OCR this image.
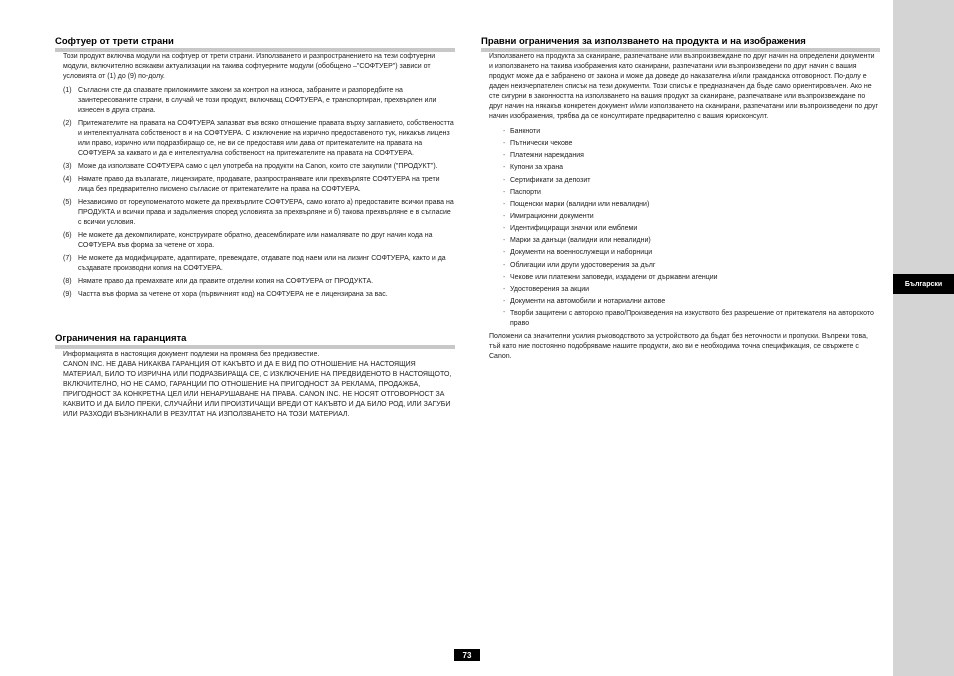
Български
Софтуер от трети страни

Този продукт включва модули на софтуер от трети страни. Използването и разпространението на тези софтуерни модули, включително всякакви актуализации на такива софтуерните модули (обобщено –"СОФТУЕР") зависи от условията от (1) до (9) по-долу.

(1) Съгласни сте да спазвате приложимите закони за контрол на износа, забраните и разпоредбите на заинтересованите страни, в случай че този продукт, включващ СОФТУЕРА, е транспортиран, прехвърлен или изнесен в друга страна.
(2) Притежателите на правата на СОФТУЕРА запазват във всяко отношение правата върху заглавието, собствеността и интелектуалната собственост в и на СОФТУЕРА. С изключение на изрично предоставеното тук, никакъв лиценз или право, изрично или подразбиращо се, не ви се предоставя или дава от притежателите на правата на СОФТУЕРА за каквато и да е интелектуална собственост на притежателите на правата на СОФТУЕРА.
(3) Може да използвате СОФТУЕРА само с цел употреба на продукти на Canon, които сте закупили ("ПРОДУКТ").
(4) Нямате право да възлагате, лицензирате, продавате, разпространявате или прехвърляте СОФТУЕРА на трети лица без предварително писмено съгласие от притежателите на права на СОФТУЕРА.
(5) Независимо от гореупоменатото можете да прехвърлите СОФТУЕРА, само когато а) предоставите всички права на ПРОДУКТА и всички права и задължения според условията за прехвърляне и б) такова прехвърляне е в съгласие с всички условия.
(6) Не можете да декомпилирате, конструирате обратно, деасемблирате или намалявате по друг начин кода на СОФТУЕРА във форма за четене от хора.
(7) Не можете да модифицирате, адаптирате, превеждате, отдавате под наем или на лизинг СОФТУЕРА, както и да създавате производни копия на СОФТУЕРА.
(8) Нямате право да премахвате или да правите отделни копия на СОФТУЕРА от ПРОДУКТА.
(9) Частта във форма за четене от хора (първичният код) на СОФТУЕРА не е лицензирана за вас.
Ограничения на гаранцията

Информацията в настоящия документ подлежи на промяна без предизвестие.

CANON INC. НЕ ДАВА НИКАКВА ГАРАНЦИЯ ОТ КАКЪВТО И ДА Е ВИД ПО ОТНОШЕНИЕ НА НАСТОЯЩИЯ МАТЕРИАЛ, БИЛО ТО ИЗРИЧНА ИЛИ ПОДРАЗБИРАЩА СЕ, С ИЗКЛЮЧЕНИЕ НА ПРЕДВИДЕНОТО В НАСТОЯЩОТО, ВКЛЮЧИТЕЛНО, НО НЕ САМО, ГАРАНЦИИ ПО ОТНОШЕНИЕ НА ПРИГОДНОСТ ЗА РЕКЛАМА, ПРОДАЖБА, ПРИГОДНОСТ ЗА КОНКРЕТНА ЦЕЛ ИЛИ НЕНАРУШАВАНЕ НА ПРАВА. CANON INC. НЕ НОСЯТ ОТГОВОРНОСТ ЗА КАКВИТО И ДА БИЛО ПРЕКИ, СЛУЧАЙНИ ИЛИ ПРОИЗТИЧАЩИ ВРЕДИ ОТ КАКЪВТО И ДА БИЛО РОД, ИЛИ ЗАГУБИ ИЛИ РАЗХОДИ ВЪЗНИКНАЛИ В РЕЗУЛТАТ НА ИЗПОЛЗВАНЕТО НА ТОЗИ МАТЕРИАЛ.

Правни ограничения за използването на продукта и на изображения

Използването на продукта за сканиране, разпечатване или възпроизвеждане по друг начин на определени документи и използването на такива изображения като сканирани, разпечатани или възпроизведени по друг начин с вашия продукт може да е забранено от закона и може да доведе до наказателна и/или гражданска отговорност. По-долу е даден неизчерпателен списък на тези документи. Този списък е предназначен да бъде само ориентировъчен. Ако не сте сигурни в законността на използването на вашия продукт за сканиране, разпечатване или възпроизвеждане по друг начин на някакъв конкретен документ и/или използването на сканирани, разпечатани или възпроизведени по друг начин изображения, трябва да се консултирате предварително с вашия юрисконсулт.

- Банкноти
- Пътнически чекове
- Платежни нареждания
- Купони за храна
- Сертификати за депозит
- Паспорти
- Пощенски марки (валидни или невалидни)
- Имиграционни документи
- Идентифициращи значки или емблеми
- Марки за данъци (валидни или невалидни)
- Документи на военнослужещи и наборници
- Облигации или други удостоверения за дълг
- Чекове или платежни заповеди, издадени от държавни агенции
- Удостоверения за акции
- Документи на автомобили и нотариални актове
- Творби защитени с авторско право/Произведения на изкуството без разрешение от притежателя на авторското право

Положени са значителни усилия ръководството за устройството да бъдат без неточности и пропуски. Въпреки това, тъй като ние постоянно подобряваме нашите продукти, ако ви е необходима точна спецификация, се свържете с Canon.

73
